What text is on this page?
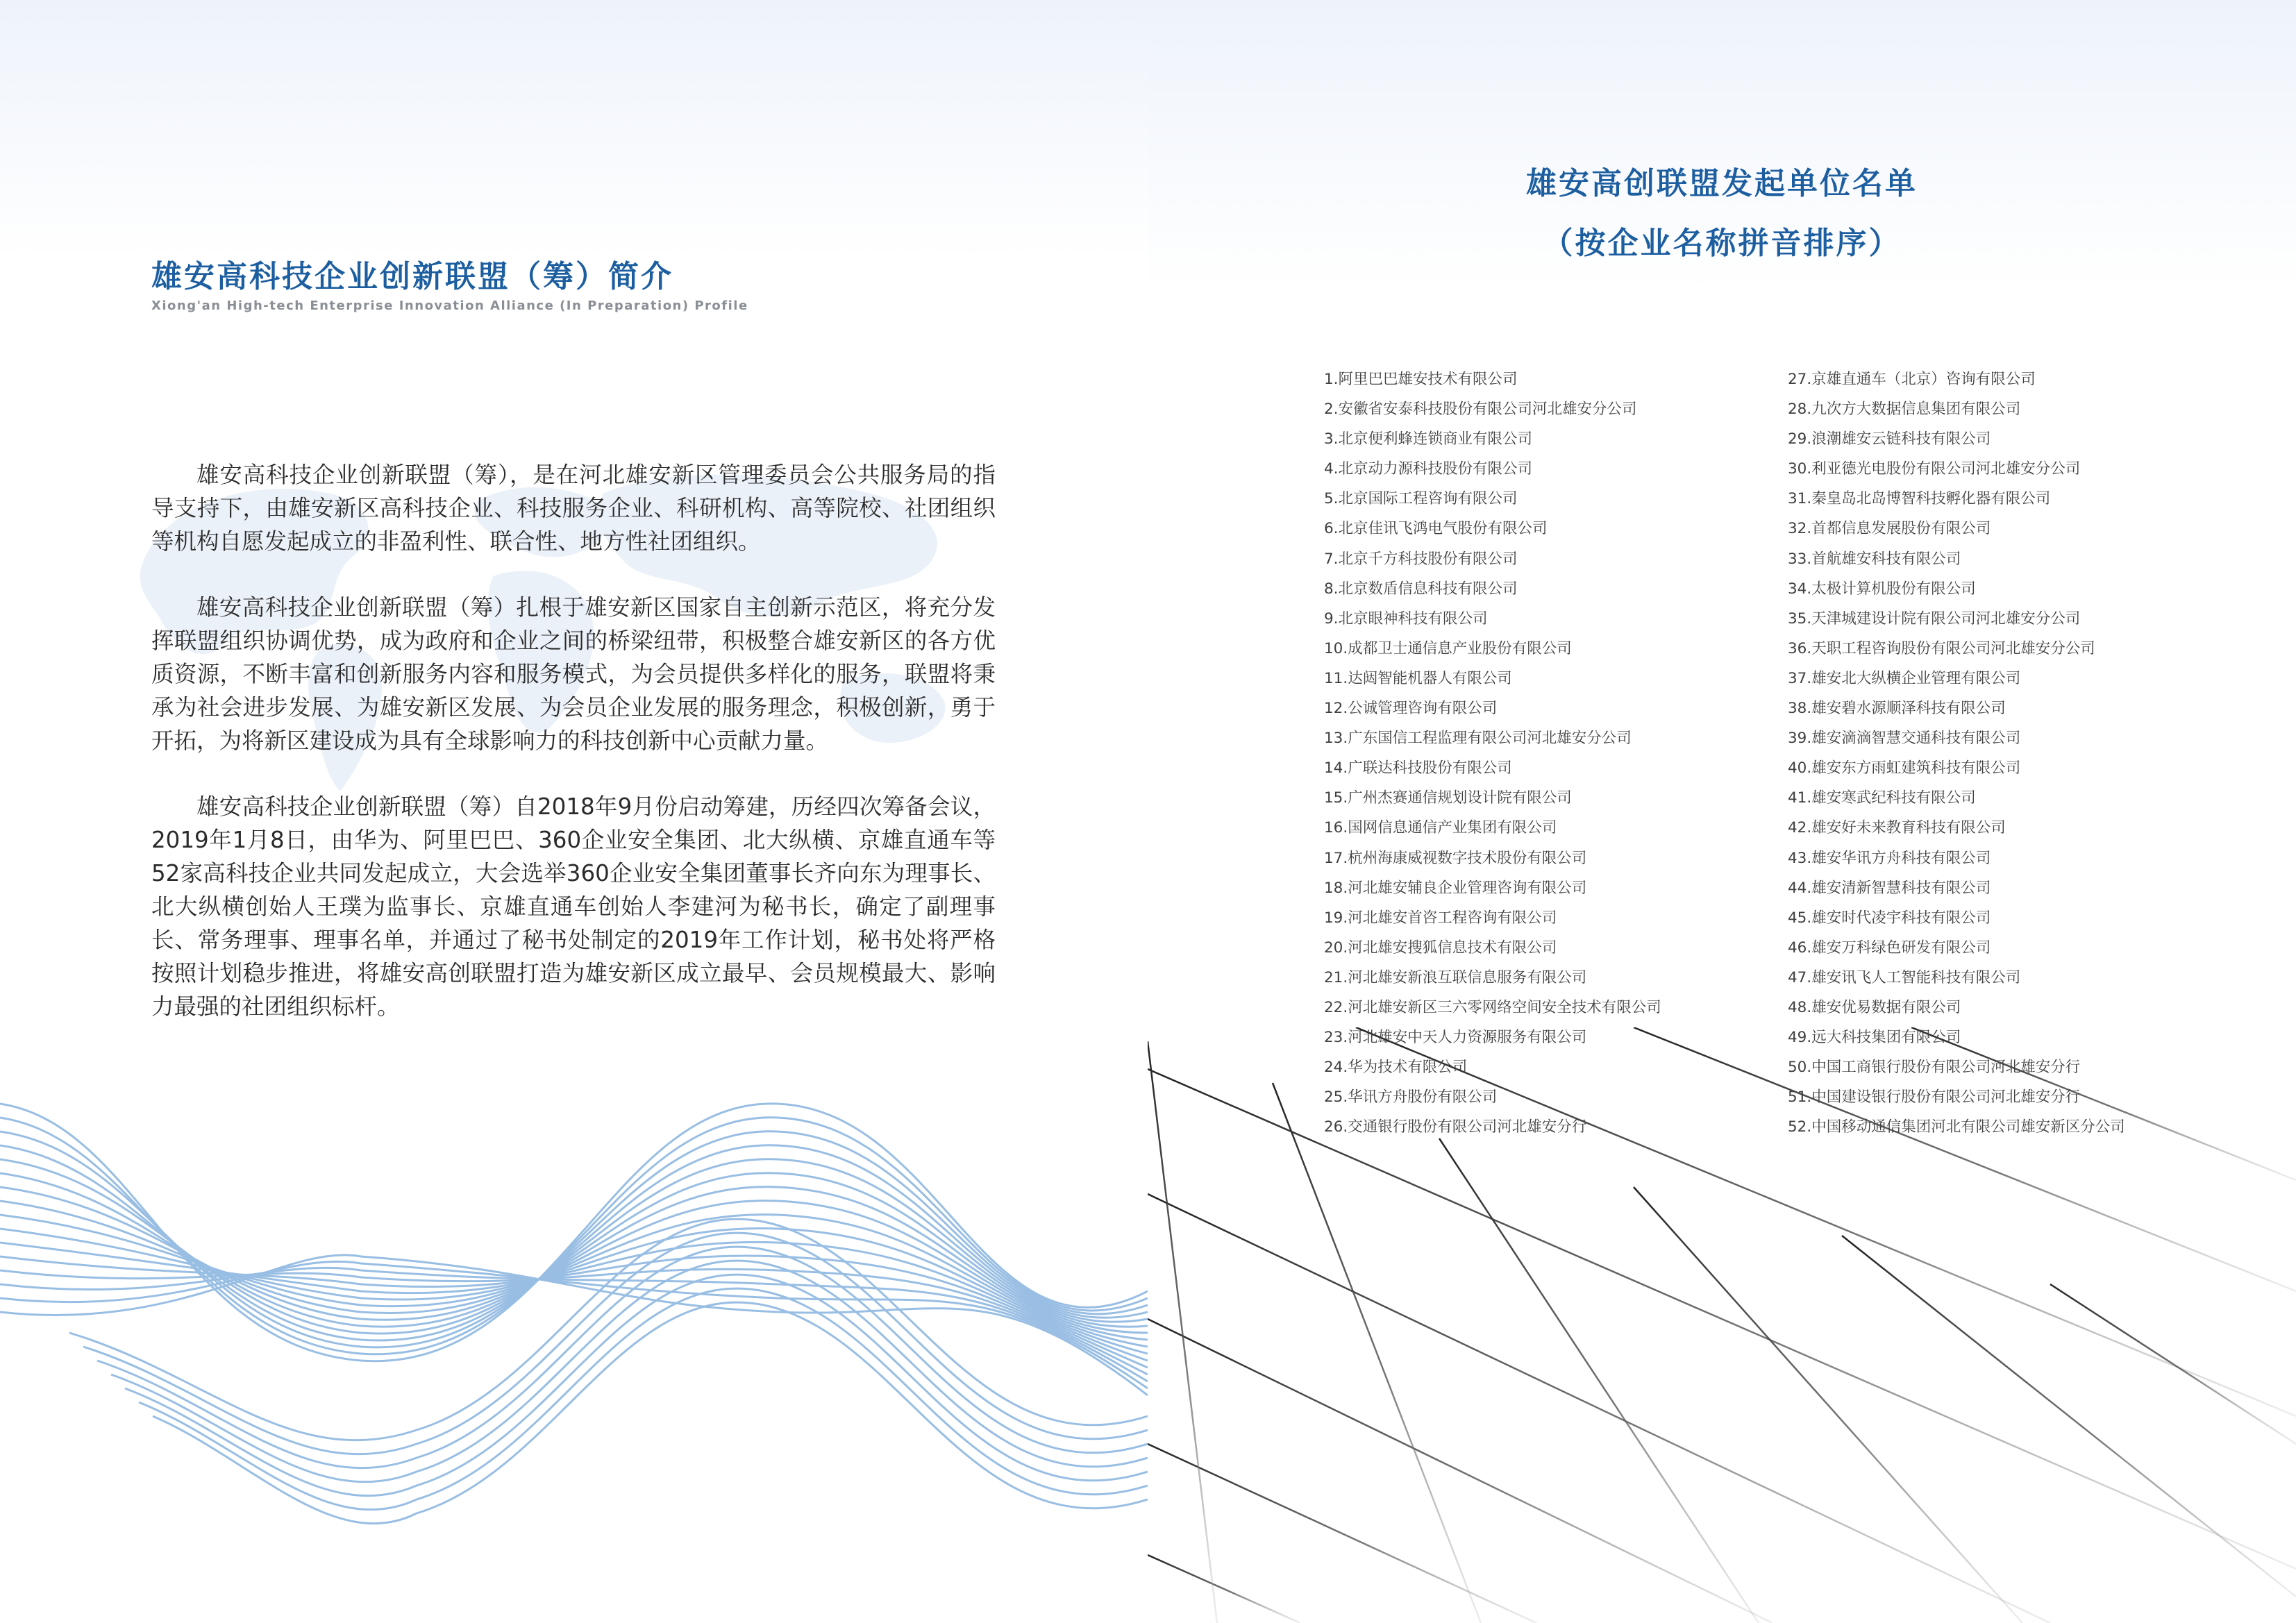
雄安高科技企业创新联盟（筹）简介
Xiong'an High-tech Enterprise Innovation Alliance (In Preparation) Profile

雄安高科技企业创新联盟（筹），是在河北雄安新区管理委员会公共服务局的指导支持下，由雄安新区高科技企业、科技服务企业、科研机构、高等院校、社团组织等机构自愿发起成立的非盈利性、联合性、地方性社团组织。

雄安高科技企业创新联盟（筹）扎根于雄安新区国家自主创新示范区，将充分发挥联盟组织协调优势，成为政府和企业之间的桥梁纽带，积极整合雄安新区的各方优质资源，不断丰富和创新服务内容和服务模式，为会员提供多样化的服务，联盟将秉承为社会进步发展、为雄安新区发展、为会员企业发展的服务理念，积极创新，勇于开拓，为将新区建设成为具有全球影响力的科技创新中心贡献力量。

雄安高科技企业创新联盟（筹）自2018年9月份启动筹建，历经四次筹备会议，2019年1月8日，由华为、阿里巴巴、360企业安全集团、北大纵横、京雄直通车等52家高科技企业共同发起成立，大会选举360企业安全集团董事长齐向东为理事长、北大纵横创始人王璞为监事长、京雄直通车创始人李建河为秘书长，确定了副理事长、常务理事、理事名单，并通过了秘书处制定的2019年工作计划，秘书处将严格按照计划稳步推进，将雄安高创联盟打造为雄安新区成立最早、会员规模最大、影响力最强的社团组织标杆。

雄安高创联盟发起单位名单
（按企业名称拼音排序）
1.阿里巴巴雄安技术有限公司
2.安徽省安泰科技股份有限公司河北雄安分公司
3.北京便利蜂连锁商业有限公司
4.北京动力源科技股份有限公司
5.北京国际工程咨询有限公司
6.北京佳讯飞鸿电气股份有限公司
7.北京千方科技股份有限公司
8.北京数盾信息科技有限公司
9.北京眼神科技有限公司
10.成都卫士通信息产业股份有限公司
11.达闼智能机器人有限公司
12.公诚管理咨询有限公司
13.广东国信工程监理有限公司河北雄安分公司
14.广联达科技股份有限公司
15.广州杰赛通信规划设计院有限公司
16.国网信息通信产业集团有限公司
17.杭州海康威视数字技术股份有限公司
18.河北雄安辅良企业管理咨询有限公司
19.河北雄安首咨工程咨询有限公司
20.河北雄安搜狐信息技术有限公司
21.河北雄安新浪互联信息服务有限公司
22.河北雄安新区三六零网络空间安全技术有限公司
23.河北雄安中天人力资源服务有限公司
24.华为技术有限公司
25.华讯方舟股份有限公司
26.交通银行股份有限公司河北雄安分行
27.京雄直通车（北京）咨询有限公司
28.九次方大数据信息集团有限公司
29.浪潮雄安云链科技有限公司
30.利亚德光电股份有限公司河北雄安分公司
31.秦皇岛北岛博智科技孵化器有限公司
32.首都信息发展股份有限公司
33.首航雄安科技有限公司
34.太极计算机股份有限公司
35.天津城建设计院有限公司河北雄安分公司
36.天职工程咨询股份有限公司河北雄安分公司
37.雄安北大纵横企业管理有限公司
38.雄安碧水源顺泽科技有限公司
39.雄安滴滴智慧交通科技有限公司
40.雄安东方雨虹建筑科技有限公司
41.雄安寒武纪科技有限公司
42.雄安好未来教育科技有限公司
43.雄安华讯方舟科技有限公司
44.雄安清新智慧科技有限公司
45.雄安时代凌宇科技有限公司
46.雄安万科绿色研发有限公司
47.雄安讯飞人工智能科技有限公司
48.雄安优易数据有限公司
49.远大科技集团有限公司
50.中国工商银行股份有限公司河北雄安分行
51.中国建设银行股份有限公司河北雄安分行
52.中国移动通信集团河北有限公司雄安新区分公司
